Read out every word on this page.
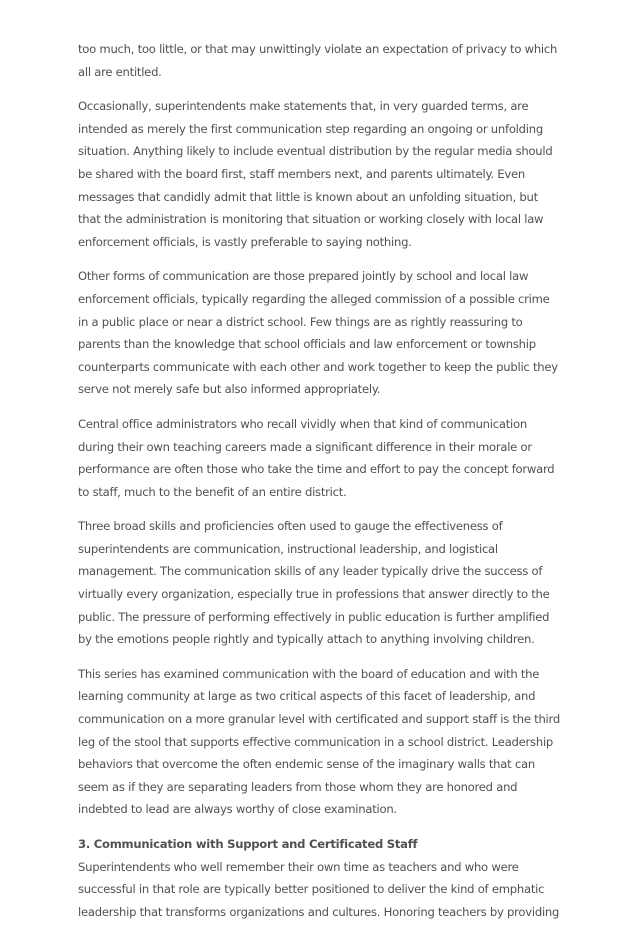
too much, too little, or that may unwittingly violate an expectation of privacy to which all are entitled.

Occasionally, superintendents make statements that, in very guarded terms, are intended as merely the first communication step regarding an ongoing or unfolding situation. Anything likely to include eventual distribution by the regular media should be shared with the board first, staff members next, and parents ultimately. Even messages that candidly admit that little is known about an unfolding situation, but that the administration is monitoring that situation or working closely with local law enforcement officials, is vastly preferable to saying nothing.

Other forms of communication are those prepared jointly by school and local law enforcement officials, typically regarding the alleged commission of a possible crime in a public place or near a district school. Few things are as rightly reassuring to parents than the knowledge that school officials and law enforcement or township counterparts communicate with each other and work together to keep the public they serve not merely safe but also informed appropriately.

Central office administrators who recall vividly when that kind of communication during their own teaching careers made a significant difference in their morale or performance are often those who take the time and effort to pay the concept forward to staff, much to the benefit of an entire district.

Three broad skills and proficiencies often used to gauge the effectiveness of superintendents are communication, instructional leadership, and logistical management. The communication skills of any leader typically drive the success of virtually every organization, especially true in professions that answer directly to the public. The pressure of performing effectively in public education is further amplified by the emotions people rightly and typically attach to anything involving children.

This series has examined communication with the board of education and with the learning community at large as two critical aspects of this facet of leadership, and communication on a more granular level with certificated and support staff is the third leg of the stool that supports effective communication in a school district. Leadership behaviors that overcome the often endemic sense of the imaginary walls that can seem as if they are separating leaders from those whom they are honored and indebted to lead are always worthy of close examination.

3. Communication with Support and Certificated Staff

Superintendents who well remember their own time as teachers and who were successful in that role are typically better positioned to deliver the kind of emphatic leadership that transforms organizations and cultures. Honoring teachers by providing
